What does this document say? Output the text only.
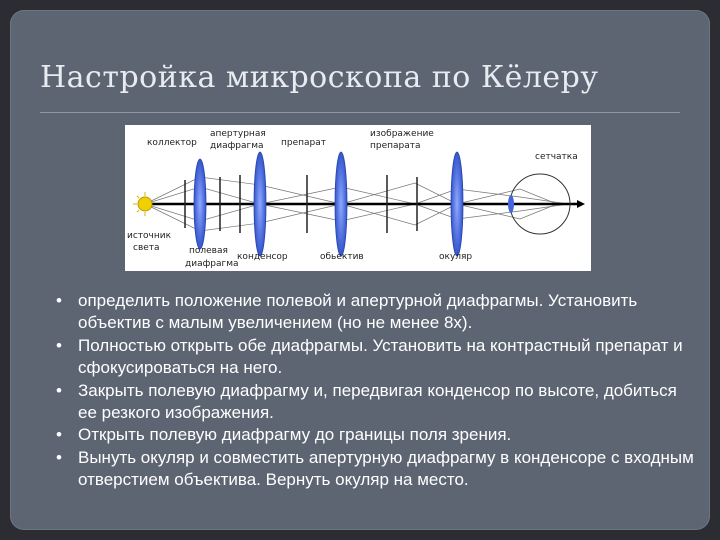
Настройка микроскопа по Кёлеру
коллектор
апертурная
диафрагма препарат
изображение
препарата
сетчатка
источник
света	полевая
диафрагма
конденсор	обьектив	окуляр
• определить положение полевой и апертурной диафрагмы. Установить объектив с малым увеличением (но не менее 8х).
• Полностью открыть обе диафрагмы. Установить на контрастный препарат и сфокусироваться на него.
• Закрыть полевую диафрагму и, передвигая конденсор по высоте, добиться ее резкого изображения.
• Открыть полевую диафрагму до границы поля зрения.
• Вынуть окуляр и совместить апертурную диафрагму в конденсоре с входным отверстием объектива. Вернуть окуляр на место.
